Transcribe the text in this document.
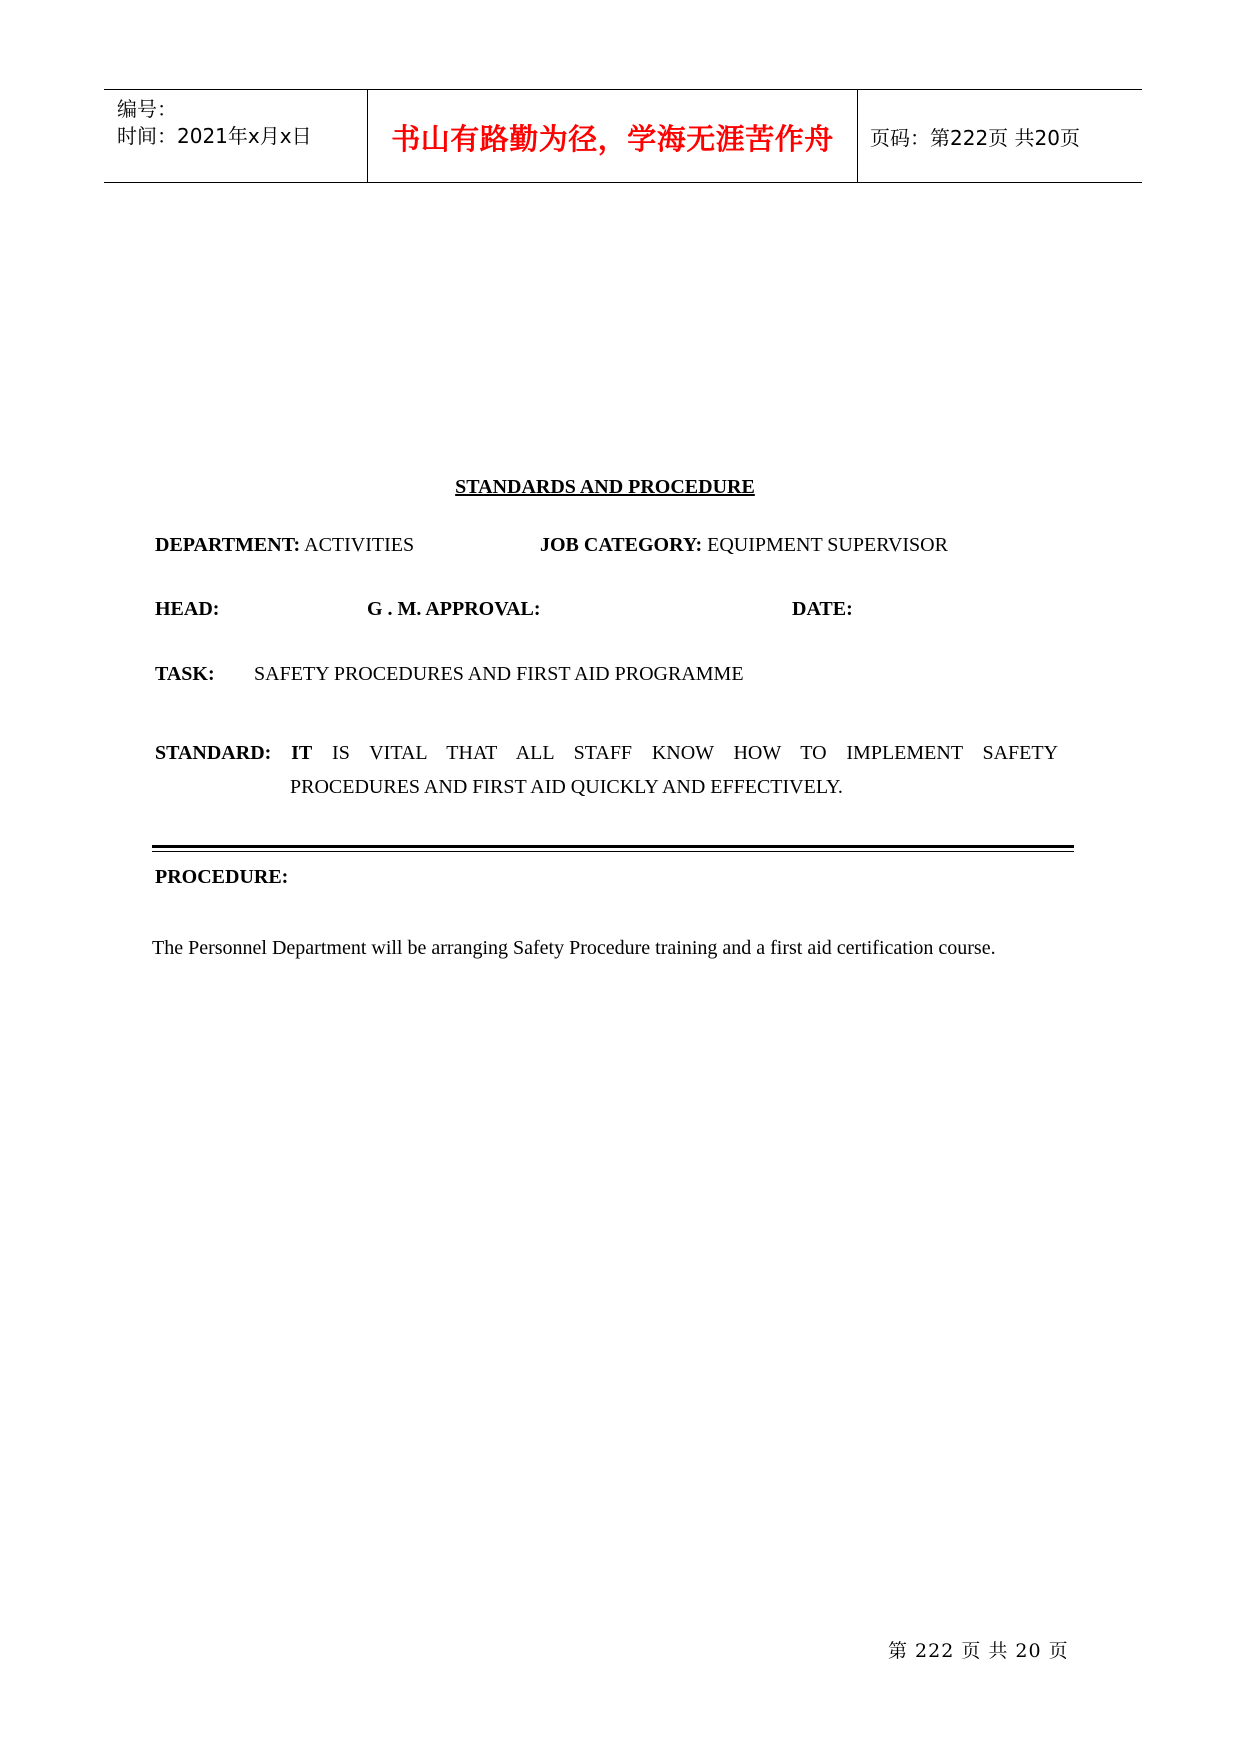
编号：
时间：2021年x月x日	书山有路勤为径，学海无涯苦作舟 页码：第222页 共20页
STANDARDS AND PROCEDURE
DEPARTMENT: ACTIVITIES	JOB CATEGORY: EQUIPMENT SUPERVISOR
HEAD:	G . M. APPROVAL:	DATE:
TASK: SAFETY PROCEDURES AND FIRST AID PROGRAMME
STANDARD: IT IS VITAL THAT ALL STAFF KNOW HOW TO IMPLEMENT SAFETY
PROCEDURES AND FIRST AID QUICKLY AND EFFECTIVELY.
PROCEDURE:
The Personnel Department will be arranging Safety Procedure training and a first aid certification course.
第 222 页 共 20 页
